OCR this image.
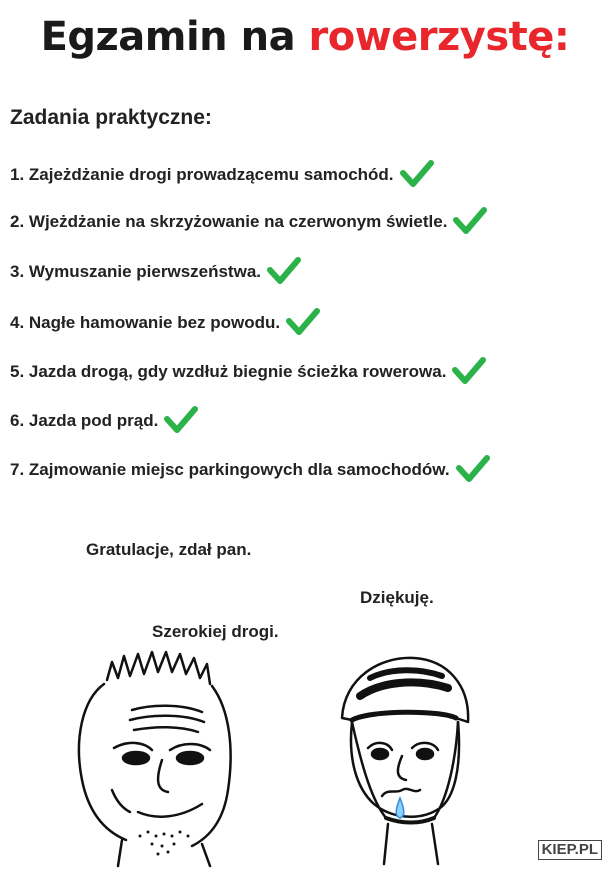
Egzamin na rowerzystę:
Zadania praktyczne:
1. Zajeżdżanie drogi prowadzącemu samochód.
2. Wjeżdżanie na skrzyżowanie na czerwonym świetle.
3. Wymuszanie pierwszeństwa.
4. Nagłe hamowanie bez powodu.
5. Jazda drogą, gdy wzdłuż biegnie ścieżka rowerowa.
6. Jazda pod prąd.
7. Zajmowanie miejsc parkingowych dla samochodów.
Gratulacje, zdał pan.
Szerokiej drogi.
Dziękuję.
KIEP.PL
